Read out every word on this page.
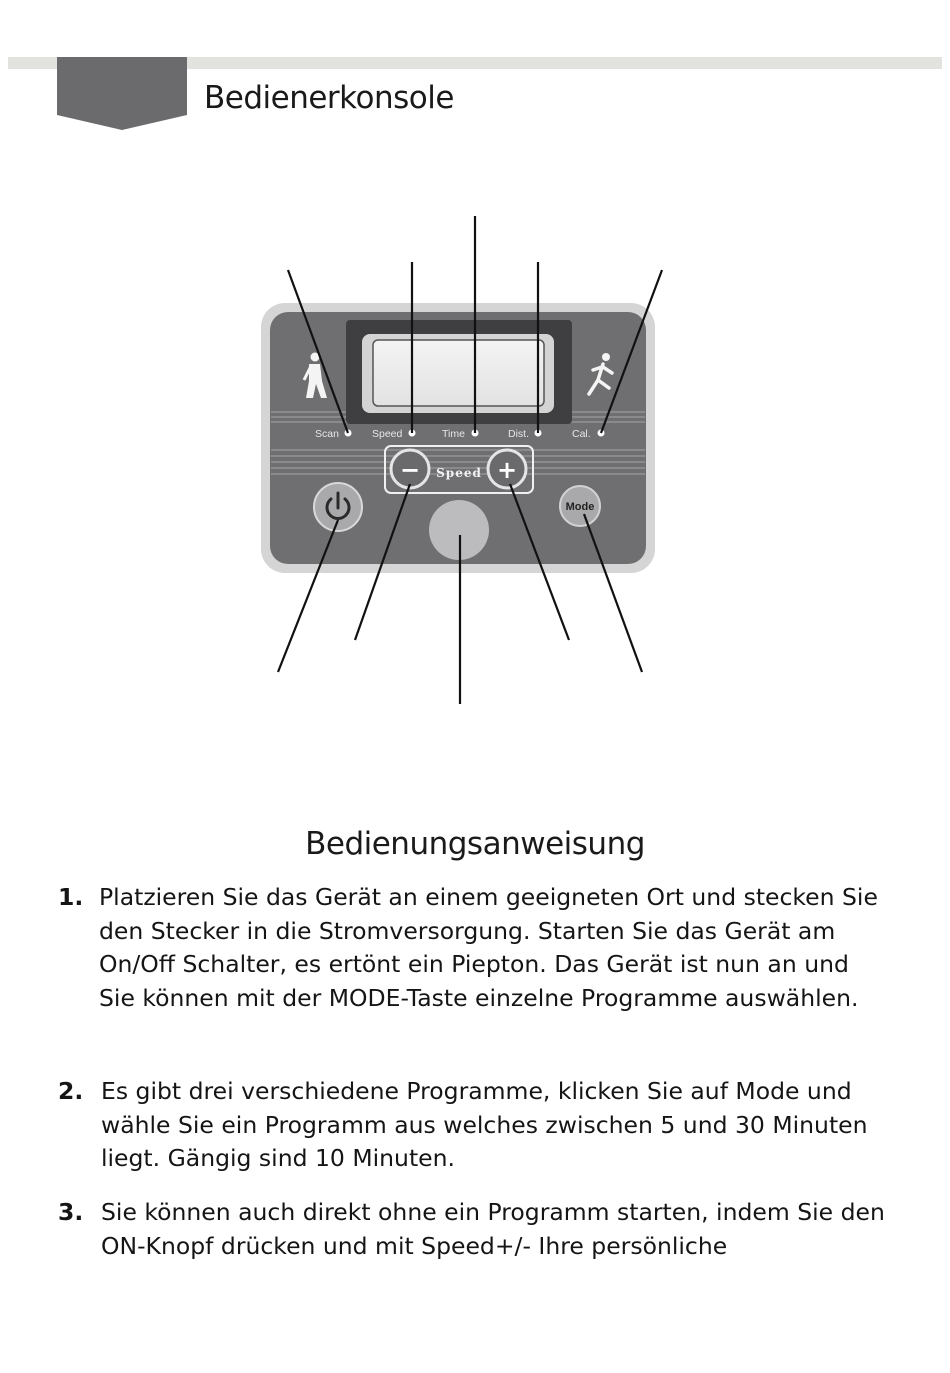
Bedienerkonsole
Scan	Speed	Time	Dist.	Cal.
−	+
Speed
Mode
Bedienungsanweisung
1. Platzieren Sie das Gerät an einem geeigneten Ort und stecken Sie den Stecker in die Stromversorgung. Starten Sie das Gerät am On/Off Schalter, es ertönt ein Piepton. Das Gerät ist nun an und Sie können mit der MODE-Taste einzelne Programme auswählen.
2. Es gibt drei verschiedene Programme, klicken Sie auf Mode und wähle Sie ein Programm aus welches zwischen 5 und 30 Minuten liegt. Gängig sind 10 Minuten.
3. Sie können auch direkt ohne ein Programm starten, indem Sie den ON-Knopf drücken und mit Speed+/- Ihre persönliche
